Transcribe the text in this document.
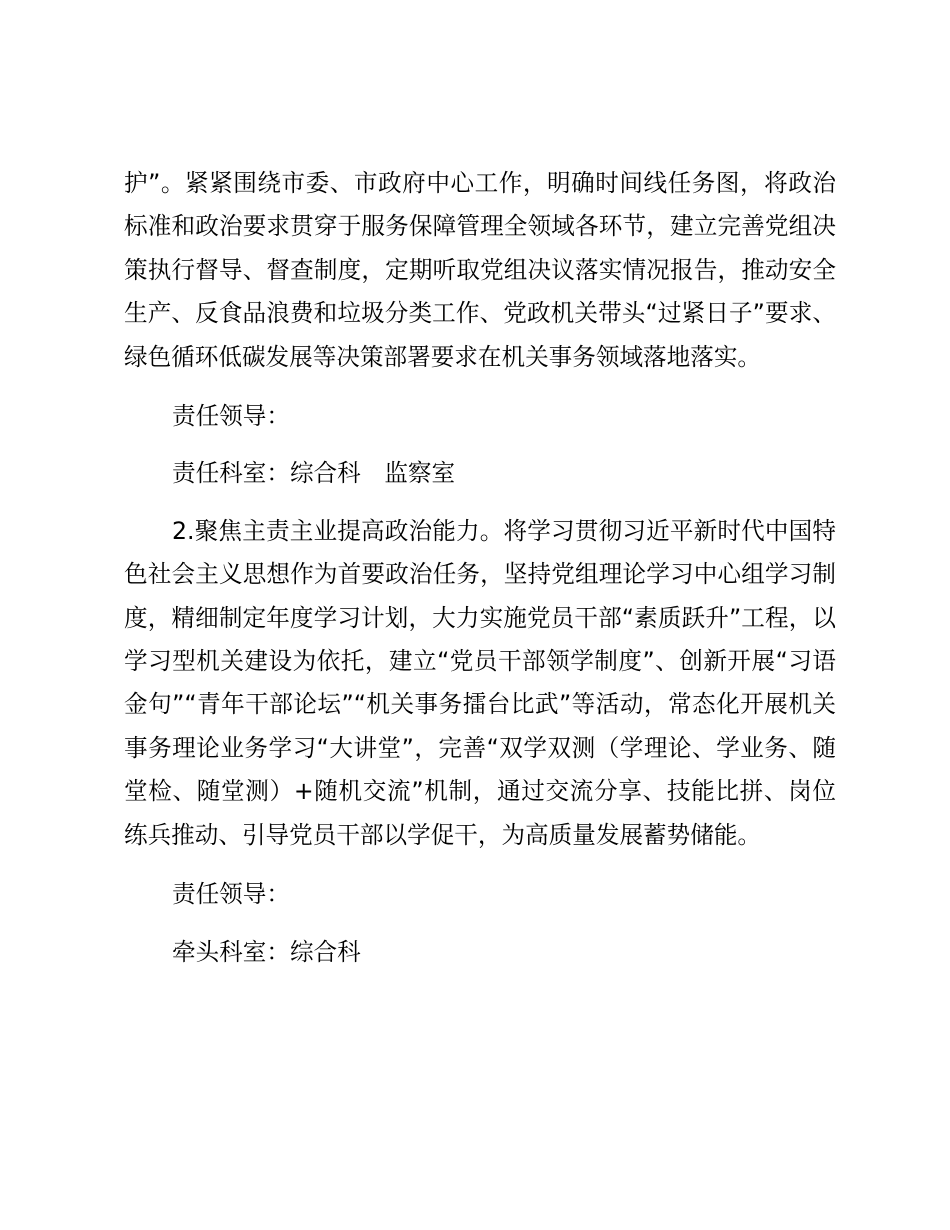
护”。紧紧围绕市委、市政府中心工作，明确时间线任务图，将政治标准和政治要求贯穿于服务保障管理全领域各环节，建立完善党组决策执行督导、督查制度，定期听取党组决议落实情况报告，推动安全生产、反食品浪费和垃圾分类工作、党政机关带头“过紧日子”要求、绿色循环低碳发展等决策部署要求在机关事务领域落地落实。

责任领导：

责任科室：综合科　监察室

2.聚焦主责主业提高政治能力。将学习贯彻习近平新时代中国特色社会主义思想作为首要政治任务，坚持党组理论学习中心组学习制度，精细制定年度学习计划，大力实施党员干部“素质跃升”工程，以学习型机关建设为依托，建立“党员干部领学制度”、创新开展“习语金句”“青年干部论坛”“机关事务擂台比武”等活动，常态化开展机关事务理论业务学习“大讲堂”，完善“双学双测（学理论、学业务、随堂检、随堂测）+随机交流”机制，通过交流分享、技能比拼、岗位练兵推动、引导党员干部以学促干，为高质量发展蓄势储能。

责任领导：

牵头科室：综合科
